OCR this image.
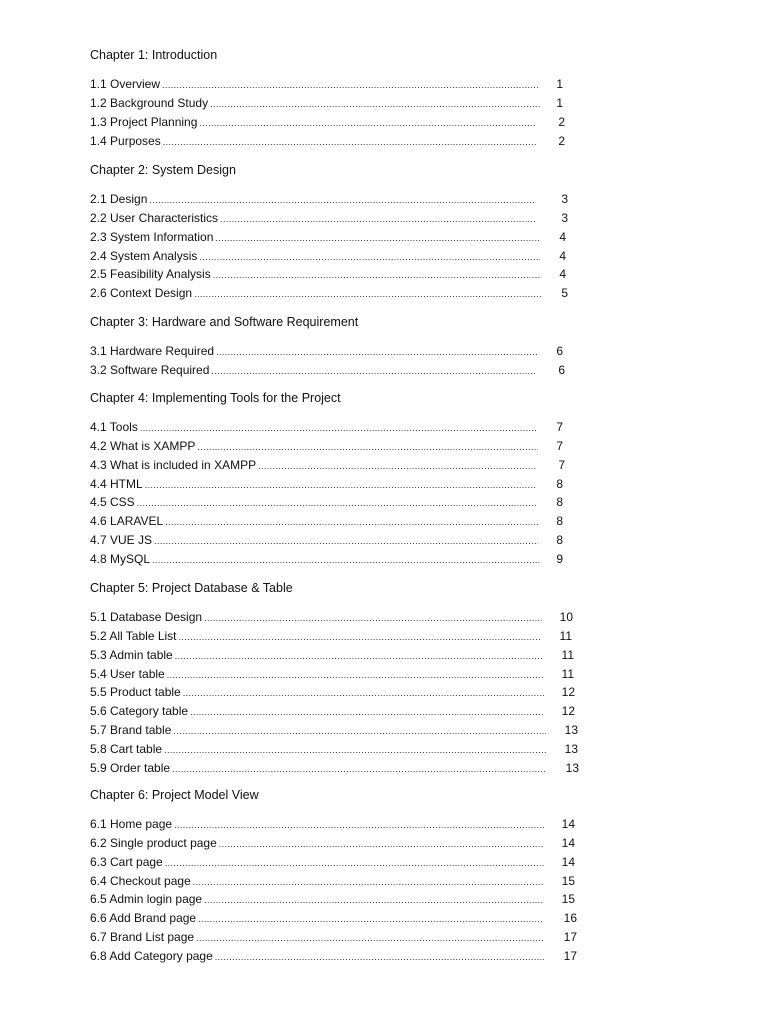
Chapter 1: Introduction
1.1 Overview .....	1
1.2 Background Study .....	1
1.3 Project Planning .....	2
1.4 Purposes .....	2
Chapter 2: System Design
2.1 Design .....	3
2.2 User Characteristics .....	3
2.3 System Information .....	4
2.4 System Analysis .....	4
2.5 Feasibility Analysis .....	4
2.6 Context Design .....	5
Chapter 3: Hardware and Software Requirement
3.1 Hardware Required .....	6
3.2 Software Required .....	6
Chapter 4: Implementing Tools for the Project
4.1 Tools .....	7
4.2 What is XAMPP .....	7
4.3 What is included in XAMPP .....	7
4.4 HTML .....	8
4.5 CSS .....	8
4.6 LARAVEL .....	8
4.7 VUE JS .....	8
4.8 MySQL .....	9
Chapter 5: Project Database & Table
5.1 Database Design .....	10
5.2 All Table List .....	11
5.3 Admin table .....	11
5.4 User table .....	11
5.5 Product table .....	12
5.6 Category table .....	12
5.7 Brand table .....	13
5.8 Cart table .....	13
5.9 Order table .....	13
Chapter 6: Project Model View
6.1 Home page .....	14
6.2 Single product page .....	14
6.3 Cart page .....	14
6.4 Checkout page .....	15
6.5 Admin login page .....	15
6.6 Add Brand page .....	16
6.7 Brand List page .....	17
6.8 Add Category page .....	17
